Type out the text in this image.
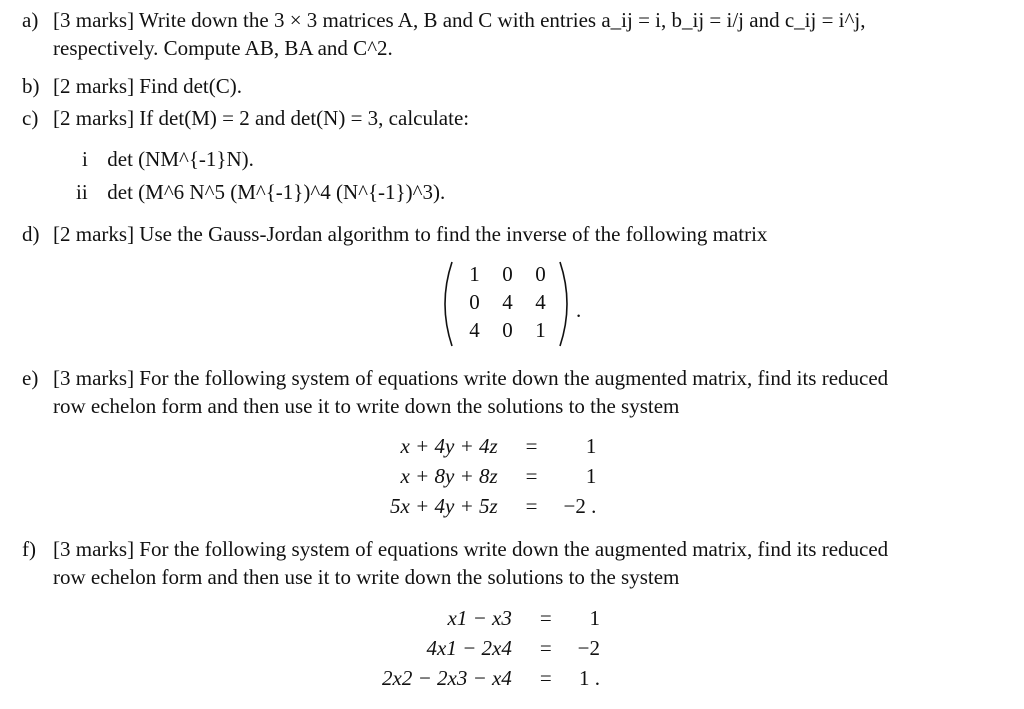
a) [3 marks] Write down the 3 × 3 matrices A, B and C with entries a_ij = i, b_ij = i/j and c_ij = i^j,
respectively. Compute AB, BA and C^2.
b) [2 marks] Find det(C).
c) [2 marks] If det(M) = 2 and det(N) = 3, calculate:
i det (NM^{-1}N).
ii det (M^6 N^5 (M^{-1})^4 (N^{-1})^3).
d) [2 marks] Use the Gauss-Jordan algorithm to find the inverse of the following matrix
1	0	0
0	4	4
4	0	1
.
e) [3 marks] For the following system of equations write down the augmented matrix, find its reduced
row echelon form and then use it to write down the solutions to the system
x + 4y + 4z	=	1
x + 8y + 8z	=	1
5x + 4y + 5z	=	−2 .
f) [3 marks] For the following system of equations write down the augmented matrix, find its reduced
row echelon form and then use it to write down the solutions to the system
x1 − x3	=	1
4x1 − 2x4	=	−2
2x2 − 2x3 − x4	=	1 .
